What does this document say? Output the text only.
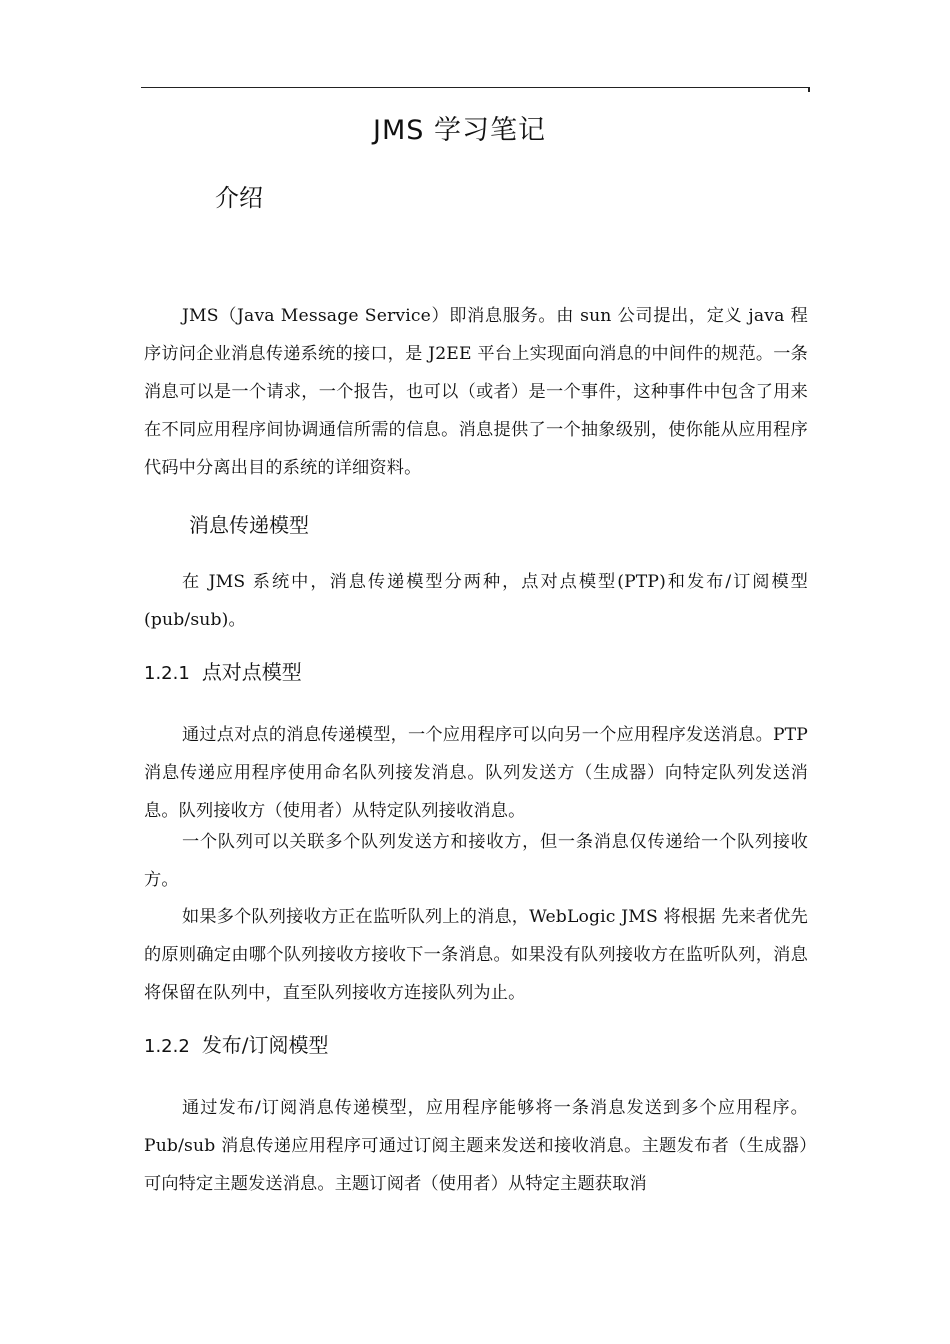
JMS 学习笔记
介绍
JMS（Java Message Service）即消息服务。由 sun 公司提出，定义 java 程序访问企业消息传递系统的接口，是 J2EE 平台上实现面向消息的中间件的规范。一条消息可以是一个请求，一个报告，也可以（或者）是一个事件，这种事件中包含了用来在不同应用程序间协调通信所需的信息。消息提供了一个抽象级别，使你能从应用程序代码中分离出目的系统的详细资料。
消息传递模型
在 JMS 系统中，消息传递模型分两种，点对点模型(PTP)和发布/订阅模型(pub/sub)。
1.2.1 点对点模型
通过点对点的消息传递模型，一个应用程序可以向另一个应用程序发送消息。PTP 消息传递应用程序使用命名队列接发消息。队列发送方（生成器）向特定队列发送消息。队列接收方（使用者）从特定队列接收消息。
一个队列可以关联多个队列发送方和接收方，但一条消息仅传递给一个队列接收方。
如果多个队列接收方正在监听队列上的消息，WebLogic JMS 将根据 先来者优先 的原则确定由哪个队列接收方接收下一条消息。如果没有队列接收方在监听队列，消息将保留在队列中，直至队列接收方连接队列为止。
1.2.2 发布/订阅模型
通过发布/订阅消息传递模型，应用程序能够将一条消息发送到多个应用程序。Pub/sub 消息传递应用程序可通过订阅主题来发送和接收消息。主题发布者（生成器）可向特定主题发送消息。主题订阅者（使用者）从特定主题获取消
